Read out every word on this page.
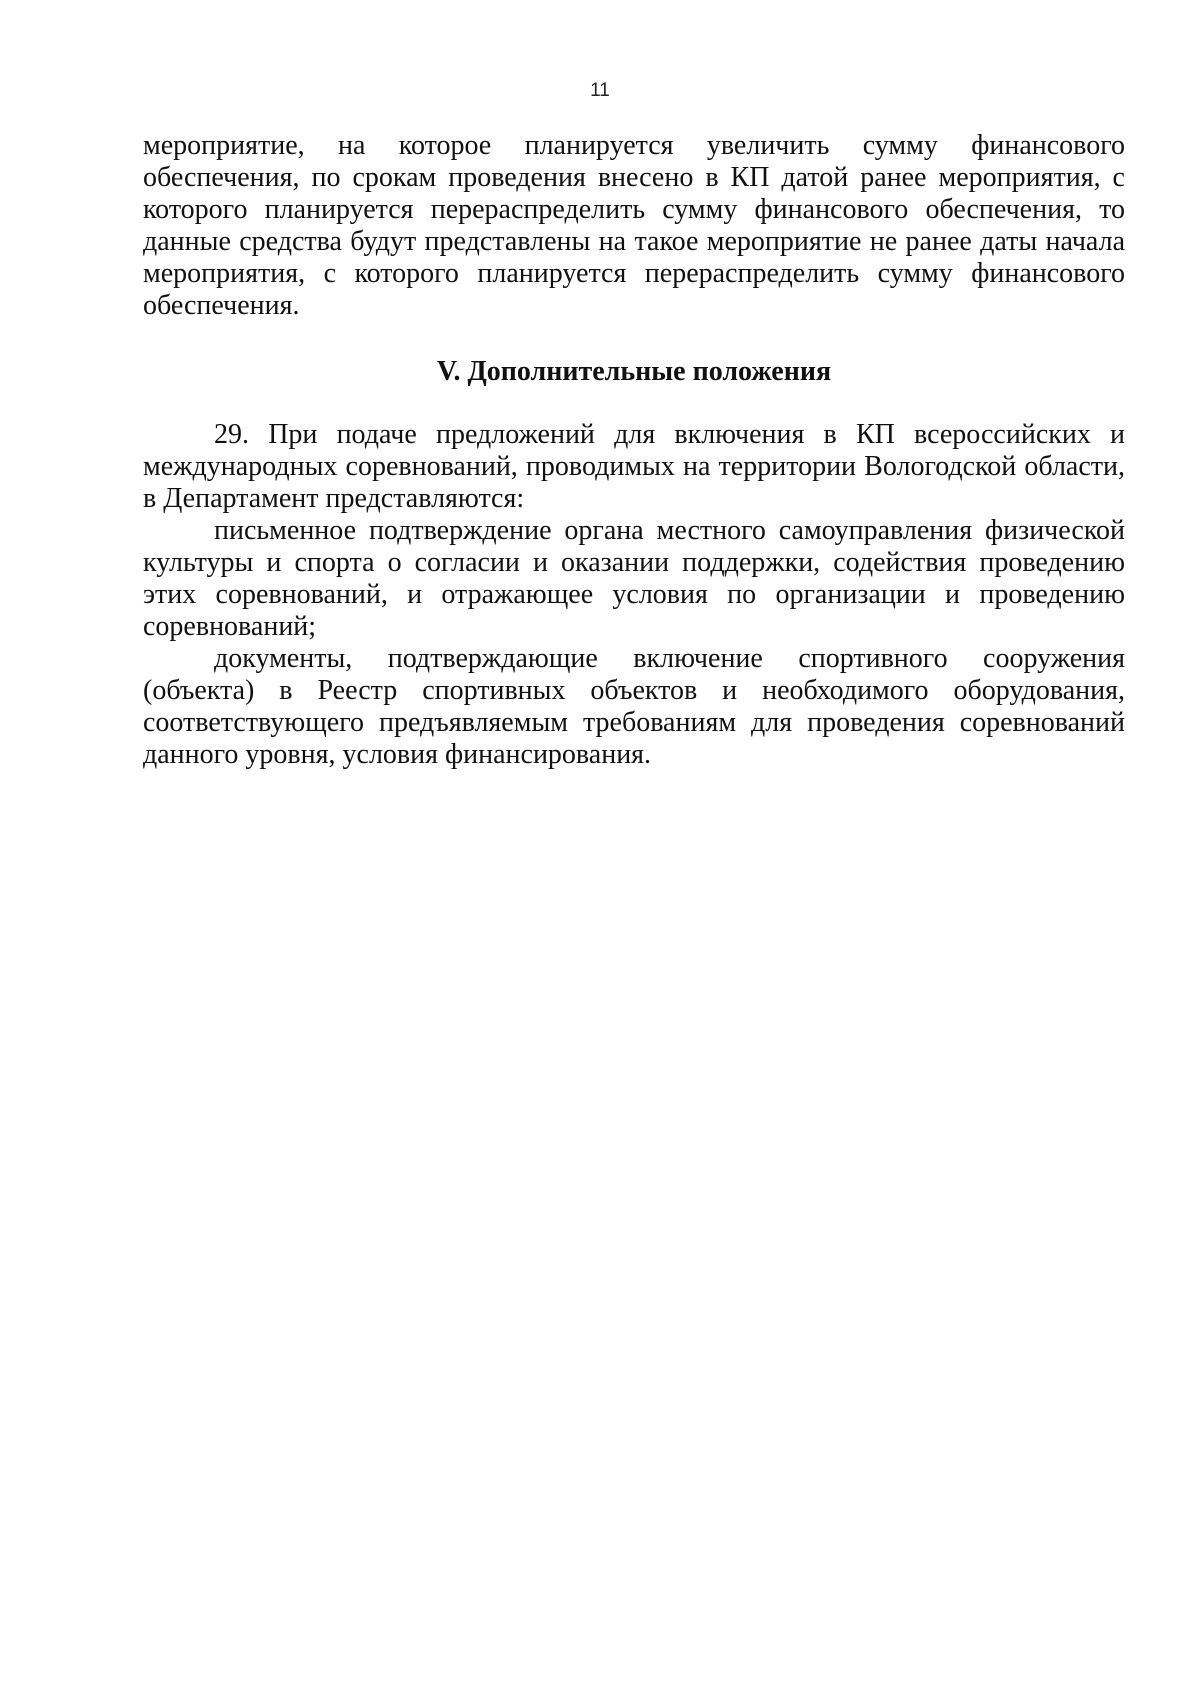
11

мероприятие, на которое планируется увеличить сумму финансового обеспечения, по срокам проведения внесено в КП датой ранее мероприятия, с которого планируется перераспределить сумму финансового обеспечения, то данные средства будут представлены на такое мероприятие не ранее даты начала мероприятия, с которого планируется перераспределить сумму финансового обеспечения.

V. Дополнительные положения

29. При подаче предложений для включения в КП всероссийских и международных соревнований, проводимых на территории Вологодской области, в Департамент представляются:

письменное подтверждение органа местного самоуправления физической культуры и спорта о согласии и оказании поддержки, содействия проведению этих соревнований, и отражающее условия по организации и проведению соревнований;

документы, подтверждающие включение спортивного сооружения (объекта) в Реестр спортивных объектов и необходимого оборудования, соответствующего предъявляемым требованиям для проведения соревнований данного уровня, условия финансирования.
